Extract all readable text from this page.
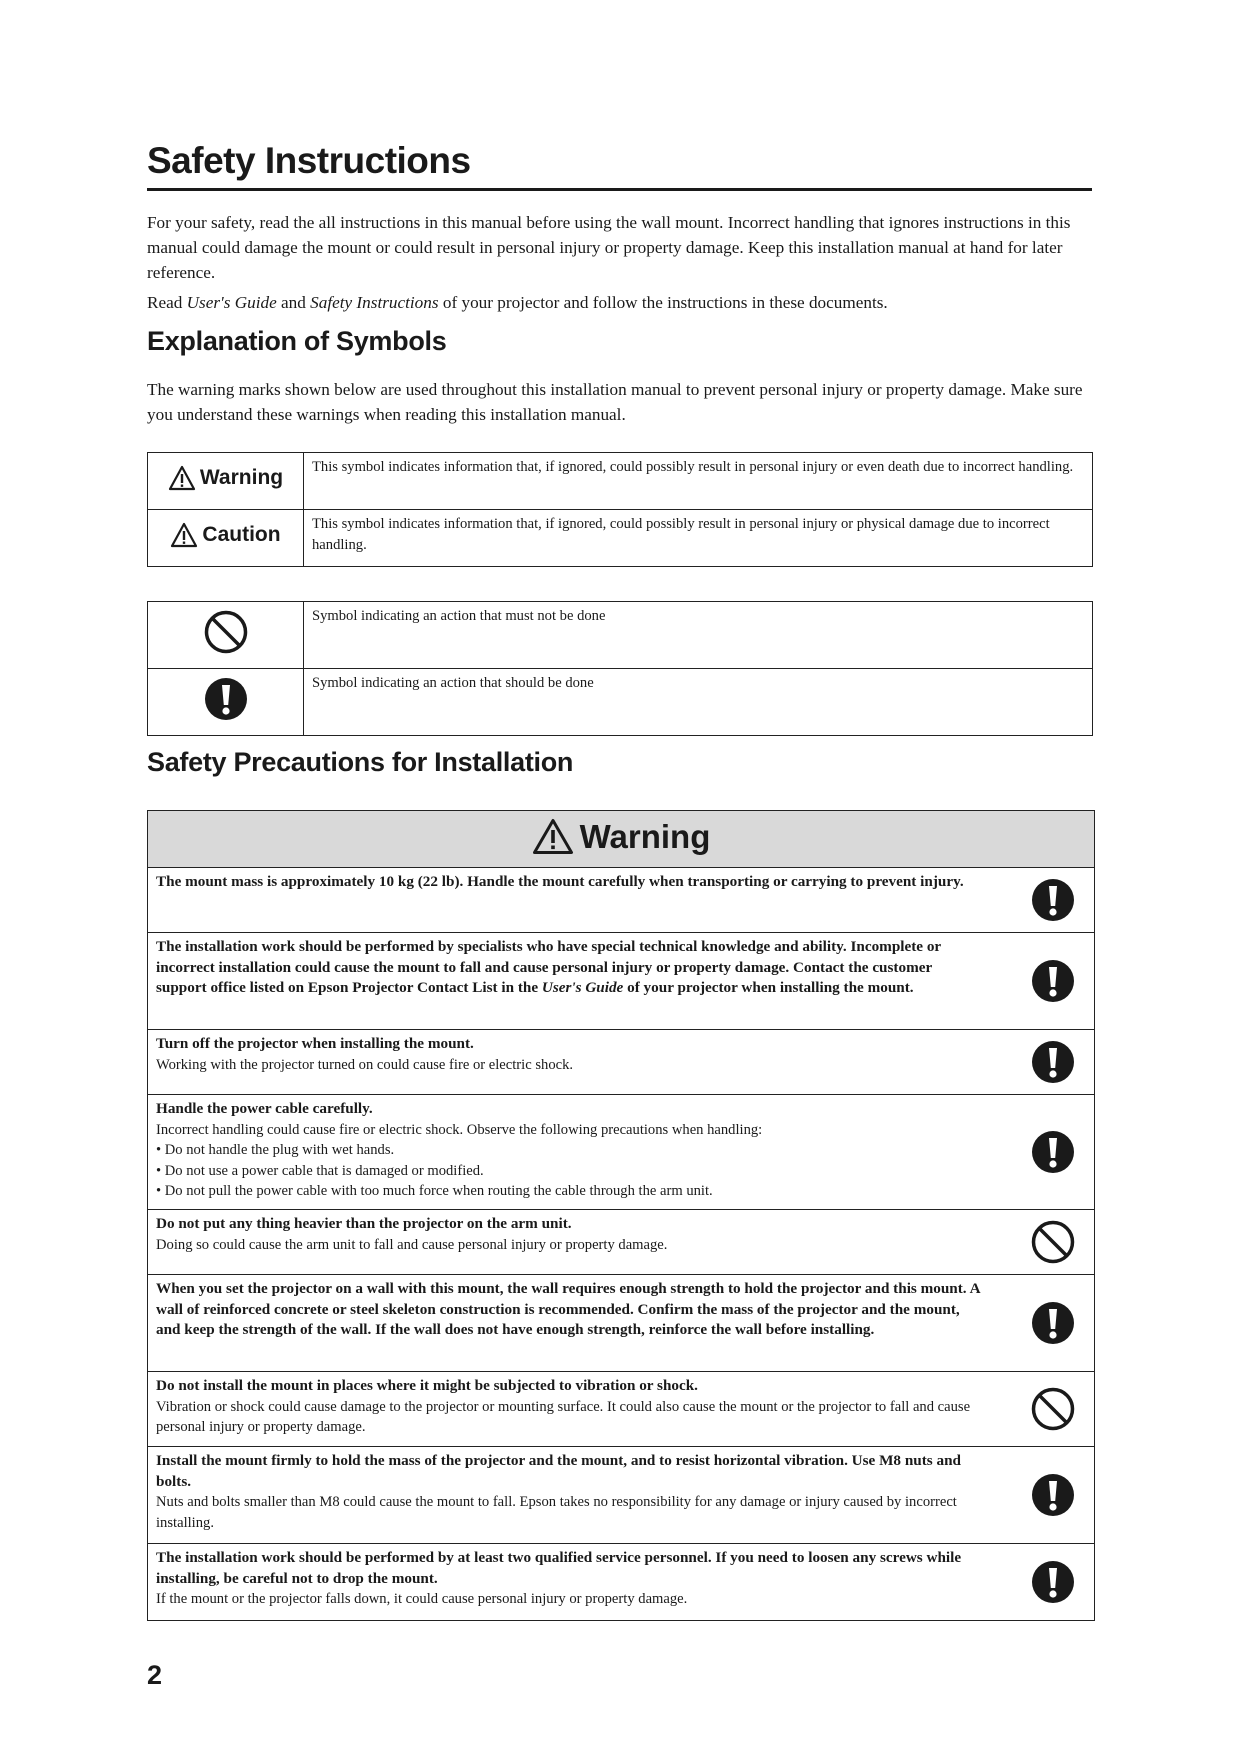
Safety Instructions

For your safety, read the all instructions in this manual before using the wall mount. Incorrect handling that ignores instructions in this manual could damage the mount or could result in personal injury or property damage. Keep this installation manual at hand for later reference.

Read User's Guide and Safety Instructions of your projector and follow the instructions in these documents.

Explanation of Symbols
The warning marks shown below are used throughout this installation manual to prevent personal injury or property damage. Make sure you understand these warnings when reading this installation manual.
Warning	This symbol indicates information that, if ignored, could possibly result in personal injury or even death due to incorrect handling.

Caution	This symbol indicates information that, if ignored, could possibly result in personal injury or physical damage due to incorrect handling.
	Symbol indicating an action that must not be done
	Symbol indicating an action that should be done
Safety Precautions for Installation
Warning

The mount mass is approximately 10 kg (22 lb). Handle the mount carefully when transporting or carrying to prevent injury.

The installation work should be performed by specialists who have special technical knowledge and ability. Incomplete or incorrect installation could cause the mount to fall and cause personal injury or property damage. Contact the customer support office listed on Epson Projector Contact List in the User's Guide of your projector when installing the mount.

Turn off the projector when installing the mount.
Working with the projector turned on could cause fire or electric shock.

Handle the power cable carefully.
Incorrect handling could cause fire or electric shock. Observe the following precautions when handling:
• Do not handle the plug with wet hands.
• Do not use a power cable that is damaged or modified.
• Do not pull the power cable with too much force when routing the cable through the arm unit.

Do not put any thing heavier than the projector on the arm unit.
Doing so could cause the arm unit to fall and cause personal injury or property damage.

When you set the projector on a wall with this mount, the wall requires enough strength to hold the projector and this mount. A wall of reinforced concrete or steel skeleton construction is recommended. Confirm the mass of the projector and the mount, and keep the strength of the wall. If the wall does not have enough strength, reinforce the wall before installing.

Do not install the mount in places where it might be subjected to vibration or shock.
Vibration or shock could cause damage to the projector or mounting surface. It could also cause the mount or the projector to fall and cause personal injury or property damage.

Install the mount firmly to hold the mass of the projector and the mount, and to resist horizontal vibration. Use M8 nuts and bolts.
Nuts and bolts smaller than M8 could cause the mount to fall. Epson takes no responsibility for any damage or injury caused by incorrect installing.

The installation work should be performed by at least two qualified service personnel. If you need to loosen any screws while installing, be careful not to drop the mount.
If the mount or the projector falls down, it could cause personal injury or property damage.
2
